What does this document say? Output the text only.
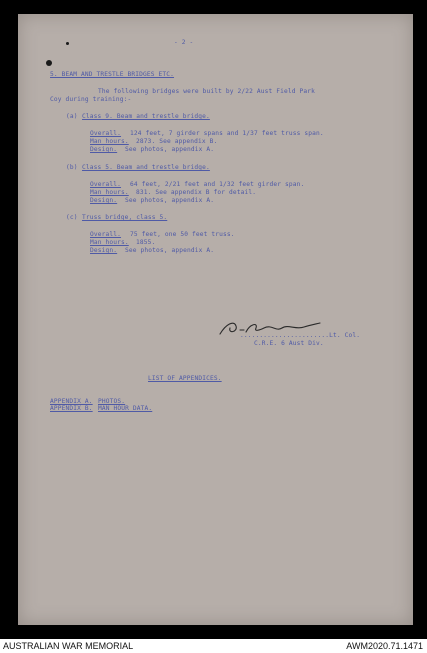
- 2 -
5. BEAM AND TRESTLE BRIDGES ETC.
The following bridges were built by 2/22 Aust Field Park
Coy during training:-
(a) Class 9. Beam and trestle bridge.
Overall. 124 feet, 7 girder spans and 1/37 feet truss span.
Man hours. 2873. See appendix B.
Design. See photos, appendix A.
(b) Class 5. Beam and trestle bridge.
Overall. 64 feet, 2/21 feet and 1/32 feet girder span.
Man hours. 831. See appendix B for detail.
Design. See photos, appendix A.
(c) Truss bridge, class 5.
Overall. 75 feet, one 50 feet truss.
Man hours. 1855.
Design. See photos, appendix A.
.......................Lt. Col.
C.R.E. 6 Aust Div.
LIST OF APPENDICES.
APPENDIX A. PHOTOS.
APPENDIX B. MAN HOUR DATA.
AUSTRALIAN WAR MEMORIAL	AWM2020.71.1471
